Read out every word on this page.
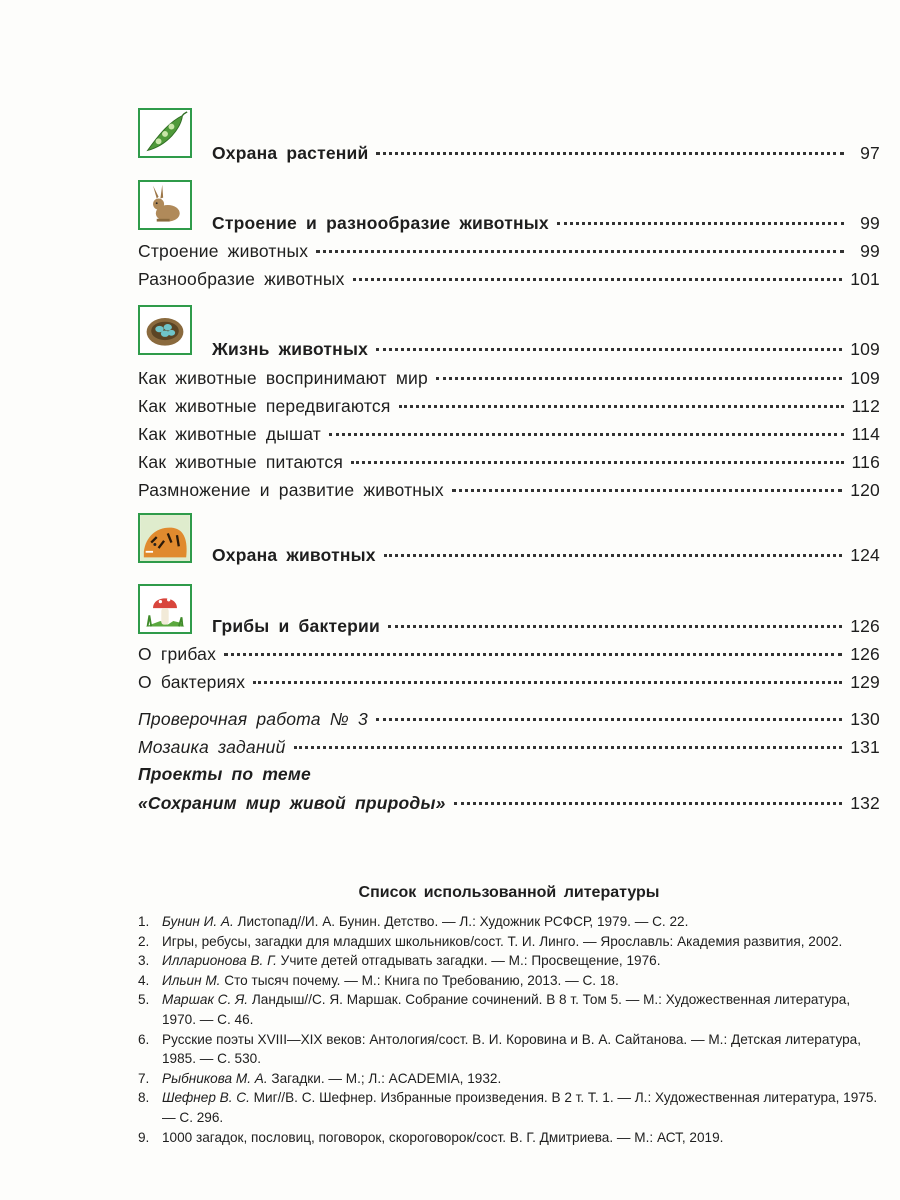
Охрана растений	97
Строение и разнообразие животных	99
Строение животных	99
Разнообразие животных	101
Жизнь животных	109
Как животные воспринимают мир	109
Как животные передвигаются	112
Как животные дышат	114
Как животные питаются	116
Размножение и развитие животных	120
Охрана животных	124
Грибы и бактерии	126
О грибах	126
О бактериях	129
Проверочная работа № 3	130
Мозаика заданий	131
Проекты по теме
«Сохраним мир живой природы»	132
Список использованной литературы
1. Бунин И. А. Листопад//И. А. Бунин. Детство. — Л.: Художник РСФСР, 1979. — С. 22.
2. Игры, ребусы, загадки для младших школьников/сост. Т. И. Линго. — Ярославль: Академия развития, 2002.
3. Илларионова В. Г. Учите детей отгадывать загадки. — М.: Просвещение, 1976.
4. Ильин М. Сто тысяч почему. — М.: Книга по Требованию, 2013. — С. 18.
5. Маршак С. Я. Ландыш//С. Я. Маршак. Собрание сочинений. В 8 т. Том 5. — М.: Художественная литература, 1970. — С. 46.
6. Русские поэты XVIII—XIX веков: Антология/сост. В. И. Коровина и В. А. Сайтанова. — М.: Детская литература, 1985. — С. 530.
7. Рыбникова М. А. Загадки. — М.; Л.: ACADEMIA, 1932.
8. Шефнер В. С. Миг//В. С. Шефнер. Избранные произведения. В 2 т. Т. 1. — Л.: Художественная литература, 1975. — С. 296.
9. 1000 загадок, пословиц, поговорок, скороговорок/сост. В. Г. Дмитриева. — М.: АСТ, 2019.
